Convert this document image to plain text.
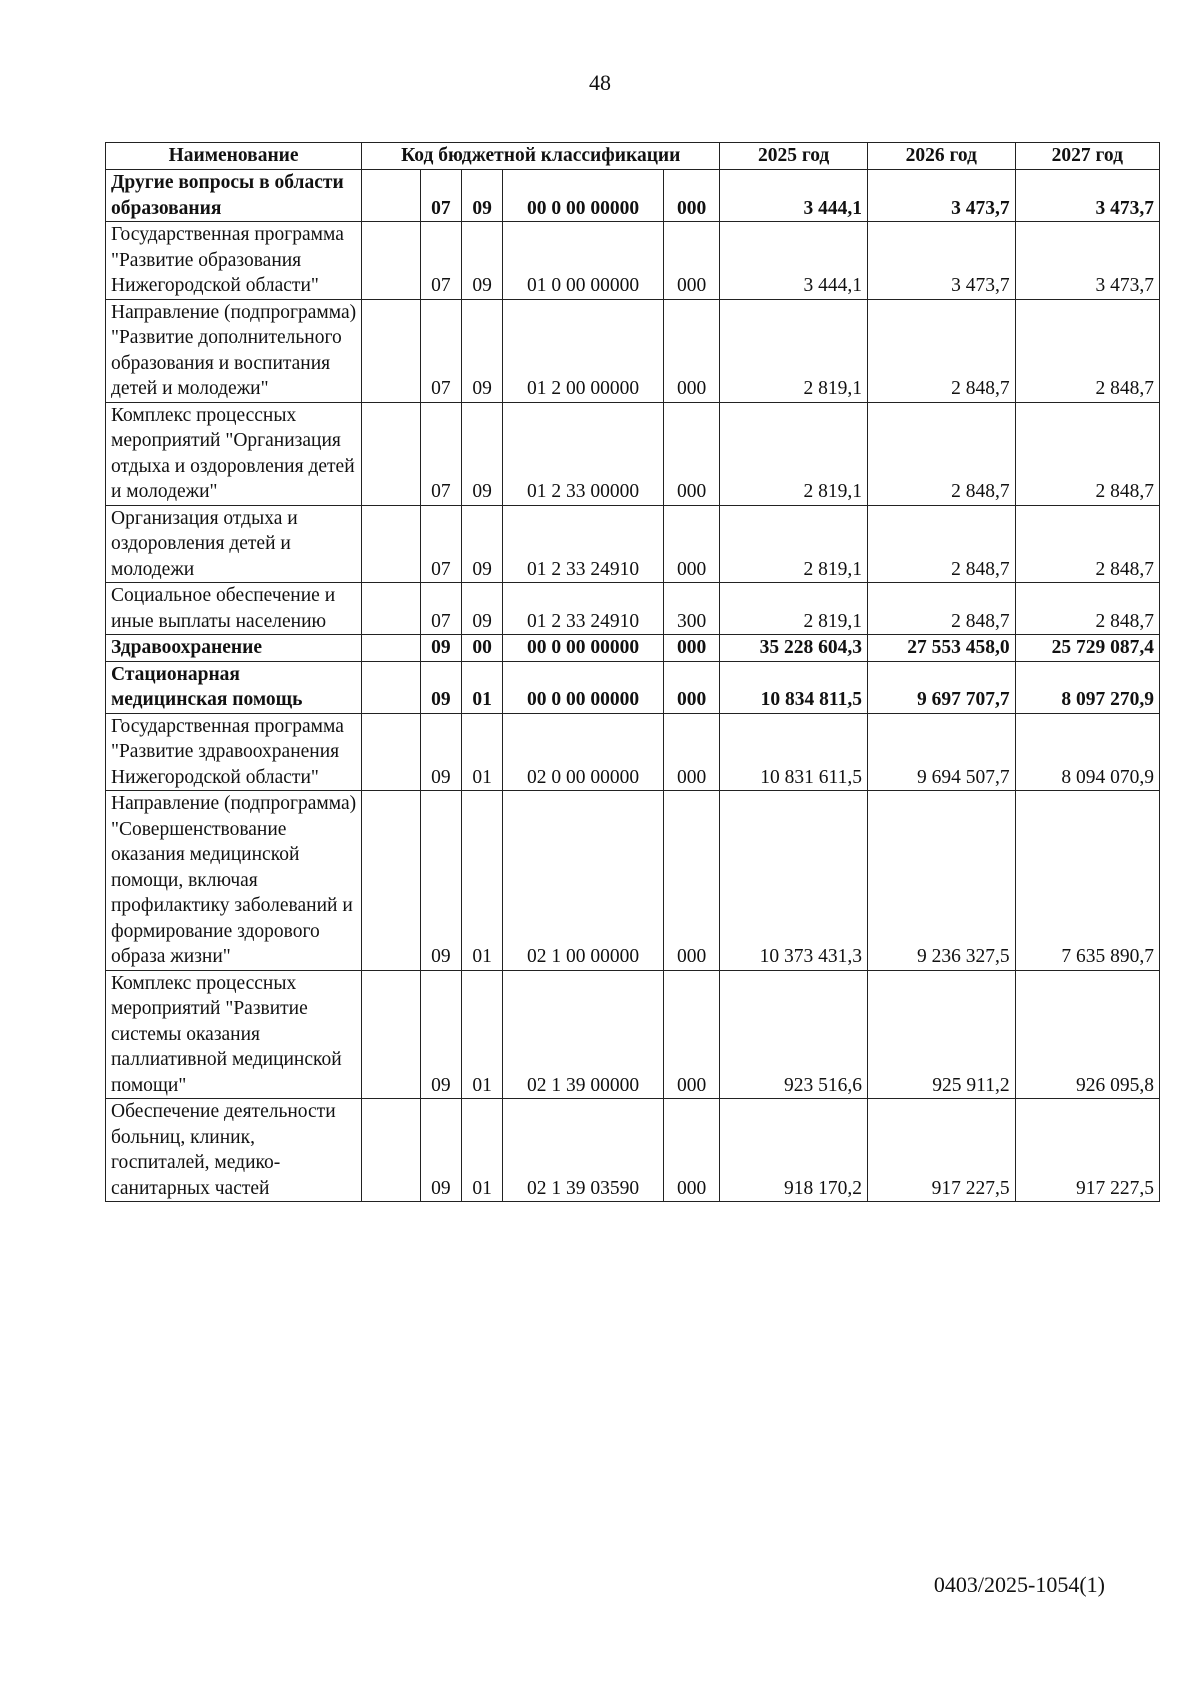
48
Наименование	Код бюджетной классификации					2025 год	2026 год	2027 год
Другие вопросы в области образования		07	09	00 0 00 00000	000	3 444,1	3 473,7	3 473,7
Государственная программа "Развитие образования Нижегородской области"		07	09	01 0 00 00000	000	3 444,1	3 473,7	3 473,7
Направление (подпрограмма) "Развитие дополнительного образования и воспитания детей и молодежи"		07	09	01 2 00 00000	000	2 819,1	2 848,7	2 848,7
Комплекс процессных мероприятий "Организация отдыха и оздоровления детей и молодежи"		07	09	01 2 33 00000	000	2 819,1	2 848,7	2 848,7
Организация отдыха и оздоровления детей и молодежи		07	09	01 2 33 24910	000	2 819,1	2 848,7	2 848,7
Социальное обеспечение и иные выплаты населению		07	09	01 2 33 24910	300	2 819,1	2 848,7	2 848,7
Здравоохранение		09	00	00 0 00 00000	000	35 228 604,3	27 553 458,0	25 729 087,4
Стационарная медицинская помощь		09	01	00 0 00 00000	000	10 834 811,5	9 697 707,7	8 097 270,9
Государственная программа "Развитие здравоохранения Нижегородской области"		09	01	02 0 00 00000	000	10 831 611,5	9 694 507,7	8 094 070,9
Направление (подпрограмма) "Совершенствование оказания медицинской помощи, включая профилактику заболеваний и формирование здорового образа жизни"		09	01	02 1 00 00000	000	10 373 431,3	9 236 327,5	7 635 890,7
Комплекс процессных мероприятий "Развитие системы оказания паллиативной медицинской помощи"		09	01	02 1 39 00000	000	923 516,6	925 911,2	926 095,8
Обеспечение деятельности больниц, клиник, госпиталей, медико-санитарных частей		09	01	02 1 39 03590	000	918 170,2	917 227,5	917 227,5
0403/2025-1054(1)
